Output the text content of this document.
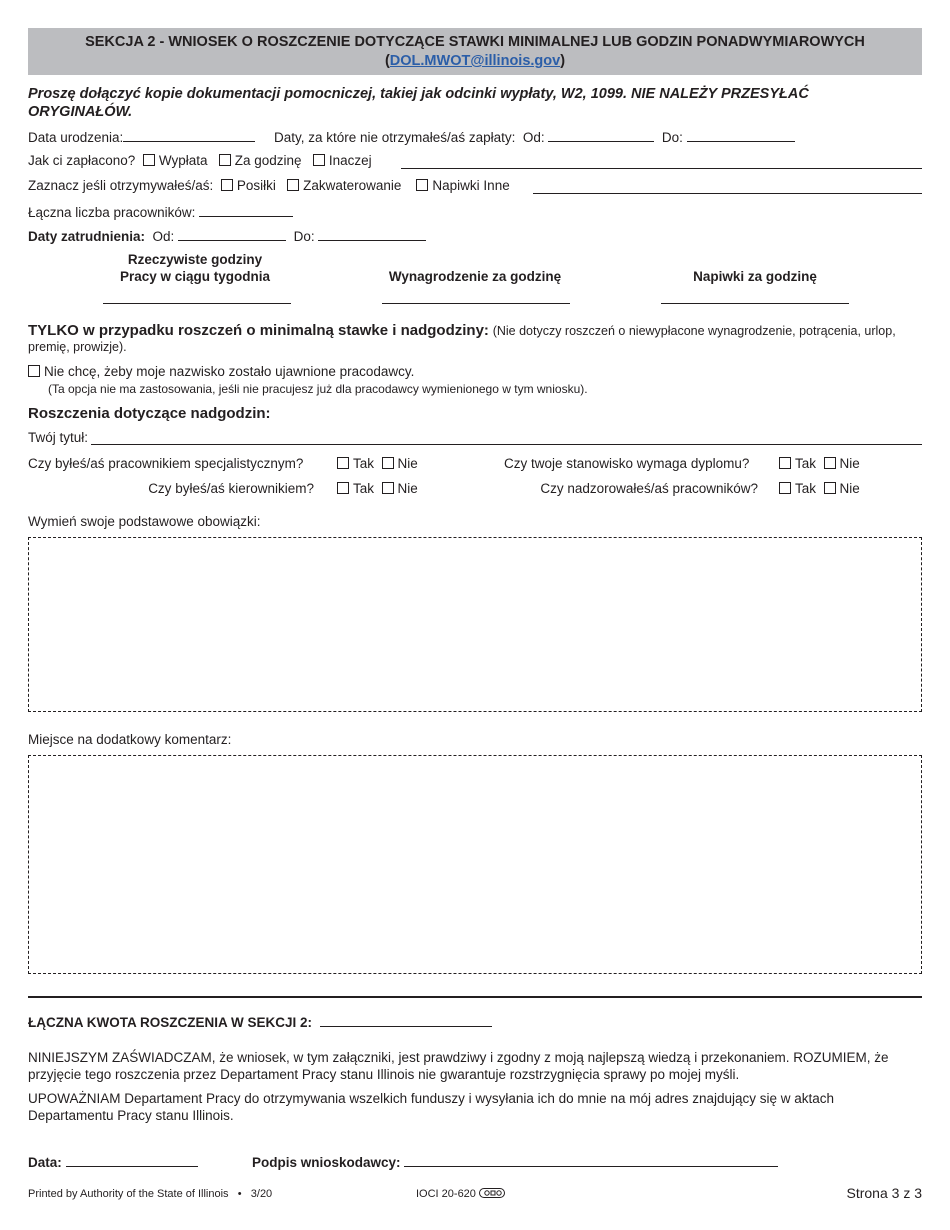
SEKCJA 2 - WNIOSEK O ROSZCZENIE DOTYCZĄCE STAWKI MINIMALNEJ LUB GODZIN PONADWYMIAROWYCH
(DOL.MWOT@illinois.gov)
Proszę dołączyć kopie dokumentacji pomocniczej, takiej jak odcinki wypłaty, W2, 1099. NIE NALEŻY PRZESYŁAĆ ORYGINAŁÓW.
Data urodzenia:	Daty, za które nie otrzymałeś/aś zapłaty: Od:	Do:
Jak ci zapłacono? Wypłata Za godzinę Inaczej
Zaznacz jeśli otrzymywałeś/aś: Posiłki Zakwaterowanie Napiwki Inne
Łączna liczba pracowników:
Daty zatrudnienia: Od:	Do:
Rzeczywiste godziny
Pracy w ciągu tygodnia	Wynagrodzenie za godzinę	Napiwki za godzinę
TYLKO w przypadku roszczeń o minimalną stawke i nadgodziny: (Nie dotyczy roszczeń o niewypłacone wynagrodzenie, potrącenia, urlop,
premię, prowizje).
Nie chcę, żeby moje nazwisko zostało ujawnione pracodawcy.
(Ta opcja nie ma zastosowania, jeśli nie pracujesz już dla pracodawcy wymienionego w tym wniosku).
Roszczenia dotyczące nadgodzin:
Twój tytuł:
Czy byłeś/aś pracownikiem specjalistycznym?	Tak Nie	Czy twoje stanowisko wymaga dyplomu?	Tak Nie
Czy byłeś/aś kierownikiem?	Tak Nie	Czy nadzorowałeś/aś pracowników?	Tak Nie
Wymień swoje podstawowe obowiązki:
Miejsce na dodatkowy komentarz:
ŁĄCZNA KWOTA ROSZCZENIA W SEKCJI 2:
NINIEJSZYM ZAŚWIADCZAM, że wniosek, w tym załączniki, jest prawdziwy i zgodny z moją najlepszą wiedzą i przekonaniem. ROZUMIEM, że
przyjęcie tego roszczenia przez Departament Pracy stanu Illinois nie gwarantuje rozstrzygnięcia sprawy po mojej myśli.
UPOWAŻNIAM Departament Pracy do otrzymywania wszelkich funduszy i wysyłania ich do mnie na mój adres znajdujący się w aktach
Departamentu Pracy stanu Illinois.
Data:	Podpis wnioskodawcy:
Printed by Authority of the State of Illinois • 3/20	IOCI 20-620	Strona 3 z 3
